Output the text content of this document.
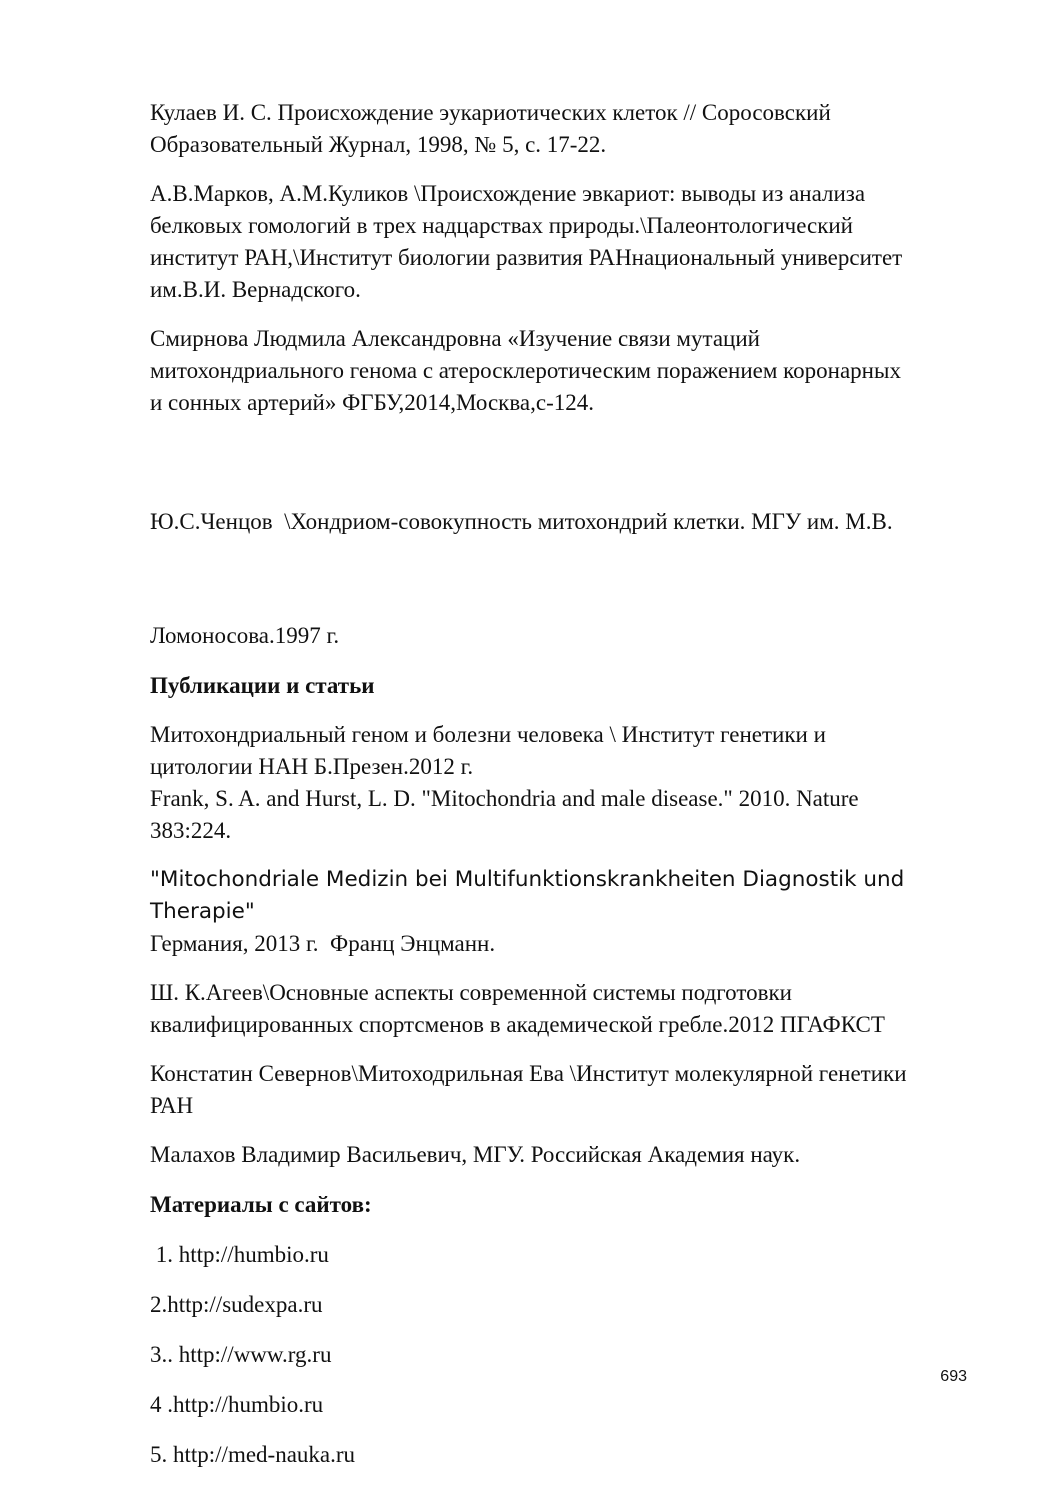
Кулаев И. С. Происхождение эукариотических клеток // Соросовский
Образовательный Журнал, 1998, № 5, с. 17-22.
А.В.Марков, А.М.Куликов \Происхождение эвкариот: выводы из анализа
белковых гомологий в трех надцарствах природы.\Палеонтологический
институт РАН,\Институт биологии развития РАНнациональный университет
им.В.И. Вернадского.
Смирнова Людмила Александровна «Изучение связи мутаций
митохондриального генома с атеросклеротическим поражением коронарных
и сонных артерий» ФГБУ,2014,Москва,с-124.

Ю.С.Ченцов  \Хондриом-совокупность митохондрий клетки. МГУ им. М.В.

Ломоносова.1997 г.
Публикации и статьи
Митохондриальный геном и болезни человека \ Институт генетики и
цитологии НАН Б.Презен.2012 г.
Frank, S. A. and Hurst, L. D. "Mitochondria and male disease." 2010. Nature
383:224.
"Mitochondriale Medizin bei Multifunktionskrankheiten Diagnostik und Therapie"
Германия, 2013 г.  Франц Энцманн.
Ш. К.Агеев\Основные аспекты современной системы подготовки
квалифицированных спортсменов в академической гребле.2012 ПГАФКСТ
Констатин Севернов\Митоходрильная Ева \Институт молекулярной генетики
РАН
Малахов Владимир Васильевич, МГУ. Российская Академия наук.
Материалы с сайтов:
1. http://humbio.ru
2.http://sudexpa.ru
3.. http://www.rg.ru
4 .http://humbio.ru
5. http://med-nauka.ru
693
